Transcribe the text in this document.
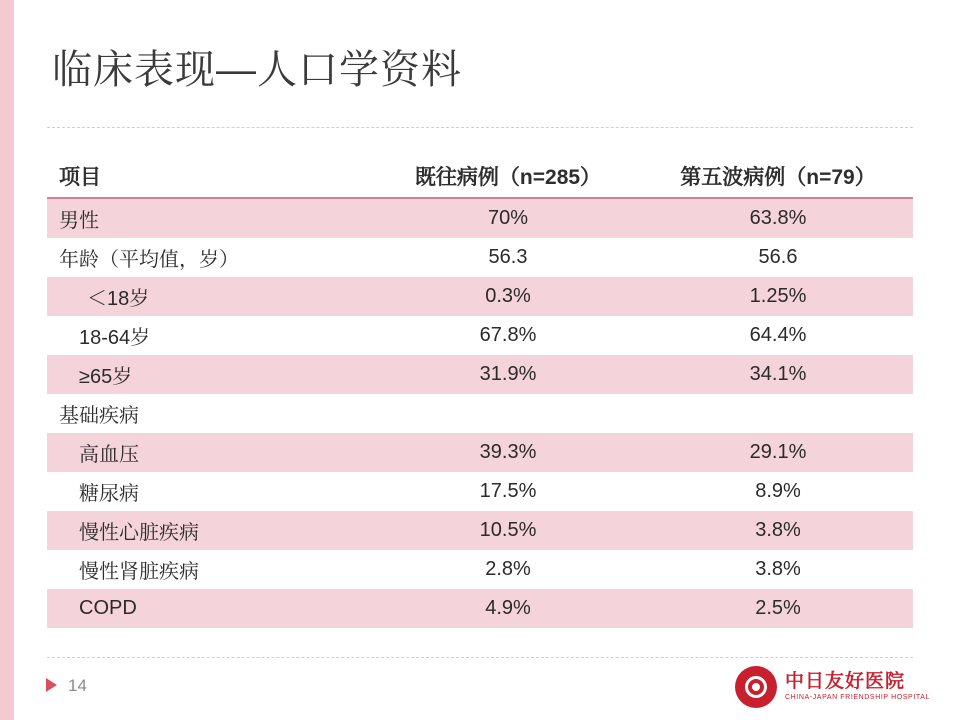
临床表现—人口学资料
项目	既往病例（n=285）	第五波病例（n=79）
男性	70%	63.8%
年龄（平均值，岁）	56.3	56.6
＜18岁	0.3%	1.25%
18-64岁	67.8%	64.4%
≥65岁	31.9%	34.1%
基础疾病		
高血压	39.3%	29.1%
糖尿病	17.5%	8.9%
慢性心脏疾病	10.5%	3.8%
慢性肾脏疾病	2.8%	3.8%
COPD	4.9%	2.5%
14	中日友好医院
CHINA-JAPAN FRIENDSHIP HOSPITAL
